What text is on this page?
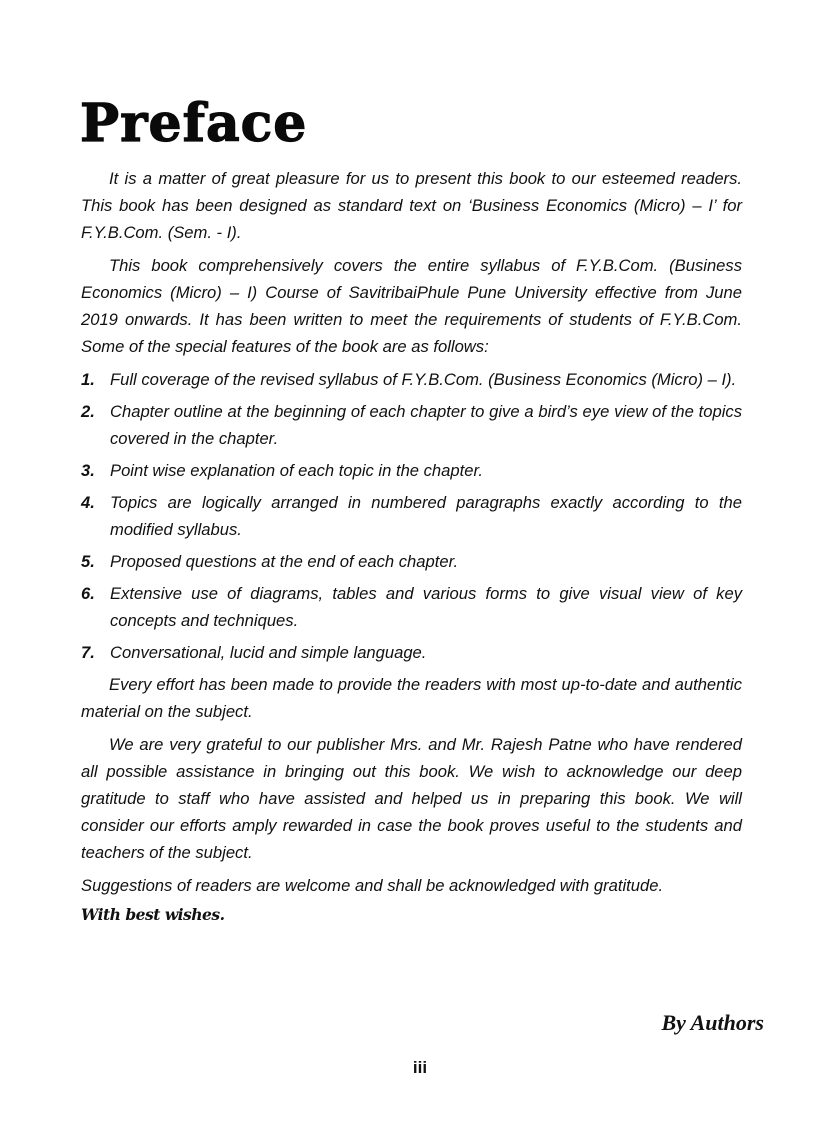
Preface

It is a matter of great pleasure for us to present this book to our esteemed readers. This book has been designed as standard text on ‘Business Economics (Micro) – I’ for F.Y.B.Com. (Sem. - I).

This book comprehensively covers the entire syllabus of F.Y.B.Com. (Business Economics (Micro) – I) Course of SavitribaiPhule Pune University effective from June 2019 onwards. It has been written to meet the requirements of students of F.Y.B.Com. Some of the special features of the book are as follows:

1. Full coverage of the revised syllabus of F.Y.B.Com. (Business Economics (Micro) – I).
2. Chapter outline at the beginning of each chapter to give a bird’s eye view of the topics covered in the chapter.
3. Point wise explanation of each topic in the chapter.
4. Topics are logically arranged in numbered paragraphs exactly according to the modified syllabus.
5. Proposed questions at the end of each chapter.
6. Extensive use of diagrams, tables and various forms to give visual view of key concepts and techniques.
7. Conversational, lucid and simple language.

Every effort has been made to provide the readers with most up-to-date and authentic material on the subject.

We are very grateful to our publisher Mrs. and Mr. Rajesh Patne who have rendered all possible assistance in bringing out this book. We wish to acknowledge our deep gratitude to staff who have assisted and helped us in preparing this book. We will consider our efforts amply rewarded in case the book proves useful to the students and teachers of the subject.

Suggestions of readers are welcome and shall be acknowledged with gratitude.

With best wishes.

By Authors
iii
